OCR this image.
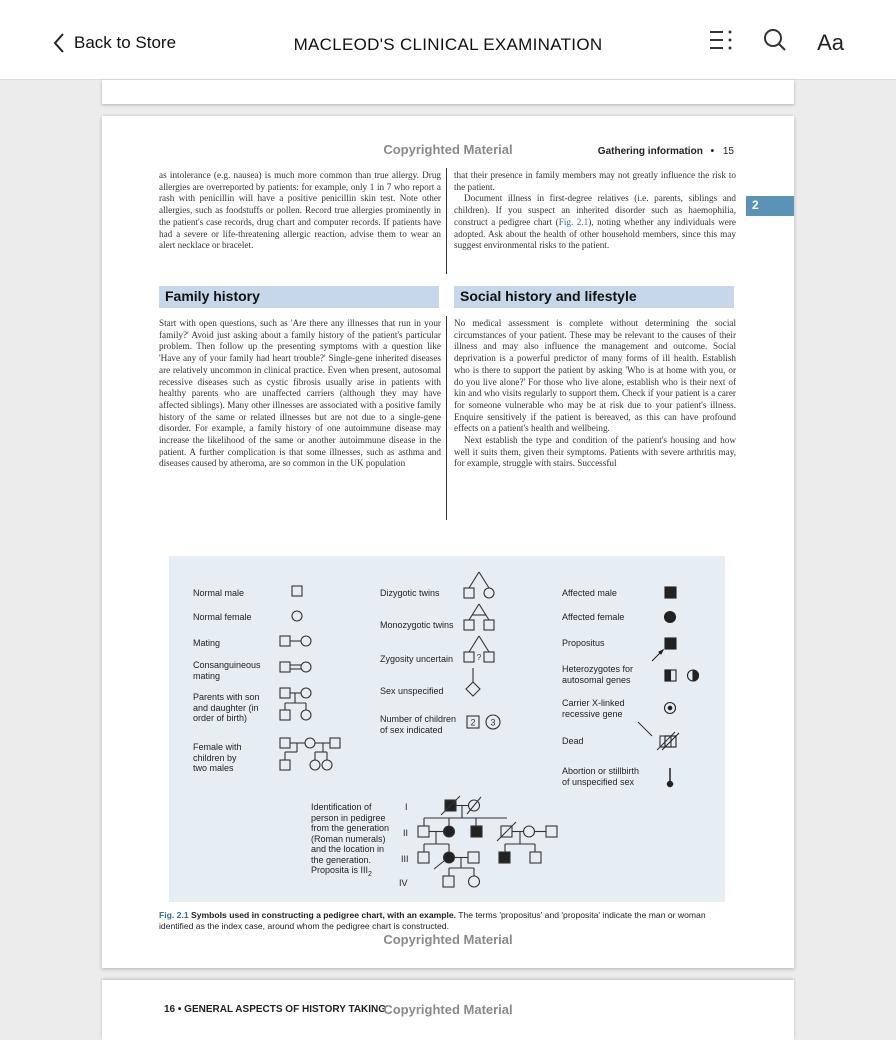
Back to Store	MACLEOD'S CLINICAL EXAMINATION	Aa
Copyrighted Material	Gathering information • 15

as intolerance (e.g. nausea) is much more common than true allergy. Drug allergies are overreported by patients: for example, only 1 in 7 who report a rash with penicillin will have a positive penicillin skin test. Note other allergies, such as foodstuffs or pollen. Record true allergies prominently in the patient's case records, drug chart and computer records. If patients have had a severe or life-threatening allergic reaction, advise them to wear an alert necklace or bracelet.

that their presence in family members may not greatly influence the risk to the patient.

Document illness in first-degree relatives (i.e. parents, siblings and children). If you suspect an inherited disorder such as haemophilia, construct a pedigree chart (Fig. 2.1), noting whether any individuals were adopted. Ask about the health of other household members, since this may suggest environmental risks to the patient.

Family history	Social history and lifestyle

Start with open questions, such as 'Are there any illnesses that run in your family?' Avoid just asking about a family history of the patient's particular problem. Then follow up the presenting symptoms with a question like 'Have any of your family had heart trouble?' Single-gene inherited diseases are relatively uncommon in clinical practice. Even when present, autosomal recessive diseases such as cystic fibrosis usually arise in patients with healthy parents who are unaffected carriers (although they may have affected siblings). Many other illnesses are associated with a positive family history of the same or related illnesses but are not due to a single-gene disorder. For example, a family history of one autoimmune disease may increase the likelihood of the same or another autoimmune disease in the patient. A further complication is that some illnesses, such as asthma and diseases caused by atheroma, are so common in the UK population

No medical assessment is complete without determining the social circumstances of your patient. These may be relevant to the causes of their illness and may also influence the management and outcome. Social deprivation is a powerful predictor of many forms of ill health. Establish who is there to support the patient by asking 'Who is at home with you, or do you live alone?' For those who live alone, establish who is their next of kin and who visits regularly to support them. Check if your patient is a carer for someone vulnerable who may be at risk due to your patient's illness. Enquire sensitively if the patient is bereaved, as this can have profound effects on a patient's health and wellbeing.

Next establish the type and condition of the patient's housing and how well it suits them, given their symptoms. Patients with severe arthritis may, for example, struggle with stairs. Successful

Normal male
Normal female
Mating
Consanguineous mating
Parents with son and daughter (in order of birth)
Female with children by two males
Dizygotic twins
Monozygotic twins
Zygosity uncertain
Sex unspecified
Number of children of sex indicated
Affected male
Affected female
Propositus
Heterozygotes for autosomal genes
Carrier X-linked recessive gene
Dead
Abortion or stillbirth of unspecified sex
Identification of person in pedigree from the generation (Roman numerals) and the location in the generation. Proposita is $III_2$
I
II
III
IV
?
2 3
Fig. 2.1 Symbols used in constructing a pedigree chart, with an example. The terms 'propositus' and 'proposita' indicate the man or woman identified as the index case, around whom the pedigree chart is constructed.
Copyrighted Material
2
16 • GENERAL ASPECTS OF HISTORY TAKING
Copyrighted Material
